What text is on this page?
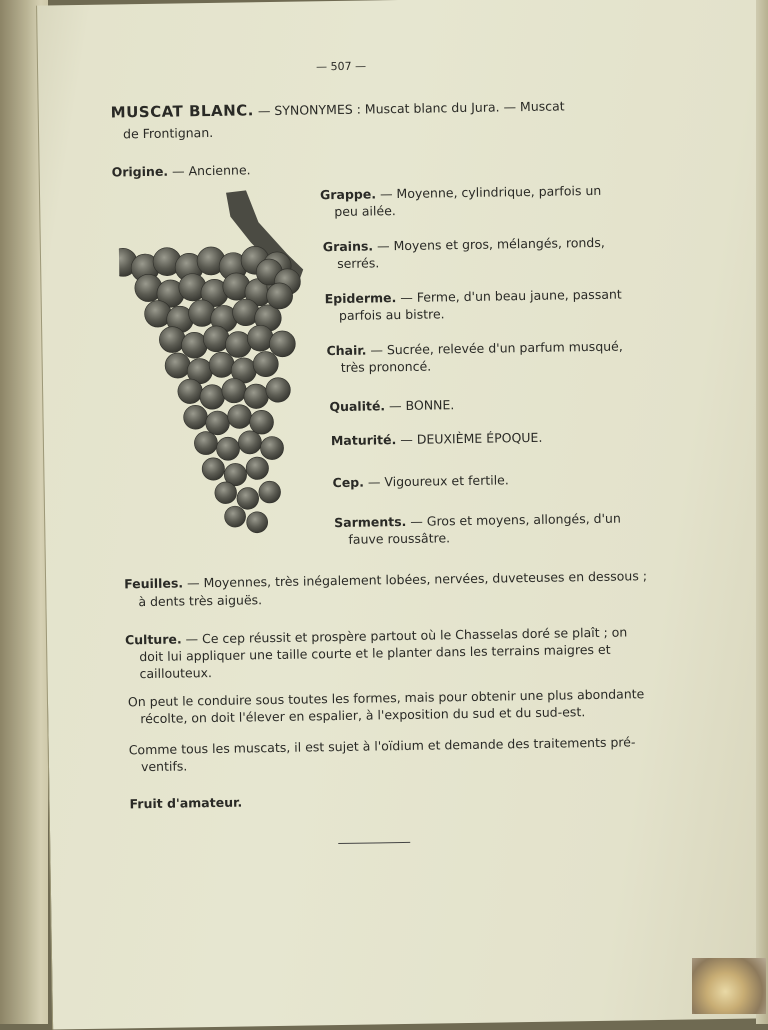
— 507 —
MUSCAT BLANC. — SYNONYMES : Muscat blanc du Jura. — Muscat
de Frontignan.
Origine. — Ancienne.
Grappe. — Moyenne, cylindrique, parfois un
peu ailée.
Grains. — Moyens et gros, mélangés, ronds,
serrés.
Epiderme. — Ferme, d'un beau jaune, passant
parfois au bistre.
Chair. — Sucrée, relevée d'un parfum musqué,
très prononcé.
Qualité. — BONNE.
Maturité. — DEUXIÈME ÉPOQUE.
Cep. — Vigoureux et fertile.
Sarments. — Gros et moyens, allongés, d'un
fauve roussâtre.
Feuilles. — Moyennes, très inégalement lobées, nervées, duveteuses en dessous ;
à dents très aiguës.
Culture. — Ce cep réussit et prospère partout où le Chasselas doré se plaît ; on
doit lui appliquer une taille courte et le planter dans les terrains maigres et
caillouteux.
On peut le conduire sous toutes les formes, mais pour obtenir une plus abondante
récolte, on doit l'élever en espalier, à l'exposition du sud et du sud-est.
Comme tous les muscats, il est sujet à l'oïdium et demande des traitements pré-
ventifs.
Fruit d'amateur.
